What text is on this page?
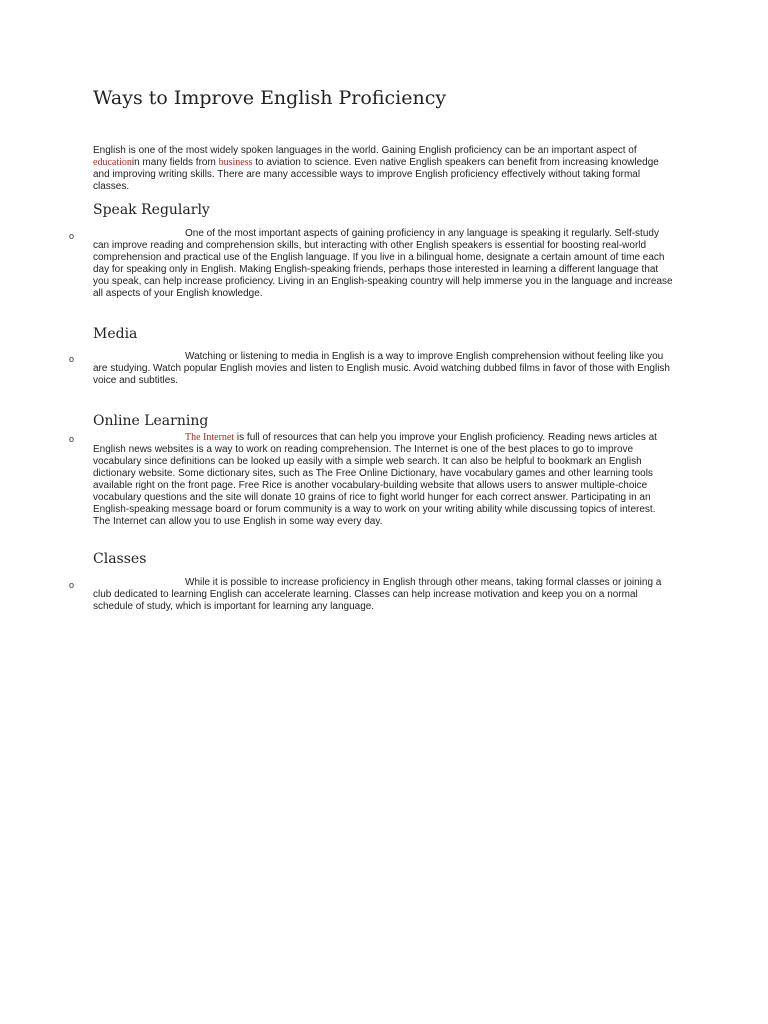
Ways to Improve English Proficiency

English is one of the most widely spoken languages in the world. Gaining English proficiency can be an important aspect of educationin many fields from business to aviation to science. Even native English speakers can benefit from increasing knowledge and improving writing skills. There are many accessible ways to improve English proficiency effectively without taking formal classes.

Speak Regularly
o	One of the most important aspects of gaining proficiency in any language is speaking it regularly. Self-study can improve reading and comprehension skills, but interacting with other English speakers is essential for boosting real-world comprehension and practical use of the English language. If you live in a bilingual home, designate a certain amount of time each day for speaking only in English. Making English-speaking friends, perhaps those interested in learning a different language that you speak, can help increase proficiency. Living in an English-speaking country will help immerse you in the language and increase all aspects of your English knowledge.

Media
o	Watching or listening to media in English is a way to improve English comprehension without feeling like you are studying. Watch popular English movies and listen to English music. Avoid watching dubbed films in favor of those with English voice and subtitles.

Online Learning
o	The Internet is full of resources that can help you improve your English proficiency. Reading news articles at English news websites is a way to work on reading comprehension. The Internet is one of the best places to go to improve vocabulary since definitions can be looked up easily with a simple web search. It can also be helpful to bookmark an English dictionary website. Some dictionary sites, such as The Free Online Dictionary, have vocabulary games and other learning tools available right on the front page. Free Rice is another vocabulary-building website that allows users to answer multiple-choice vocabulary questions and the site will donate 10 grains of rice to fight world hunger for each correct answer. Participating in an English-speaking message board or forum community is a way to work on your writing ability while discussing topics of interest. The Internet can allow you to use English in some way every day.

Classes
o	While it is possible to increase proficiency in English through other means, taking formal classes or joining a club dedicated to learning English can accelerate learning. Classes can help increase motivation and keep you on a normal schedule of study, which is important for learning any language.
